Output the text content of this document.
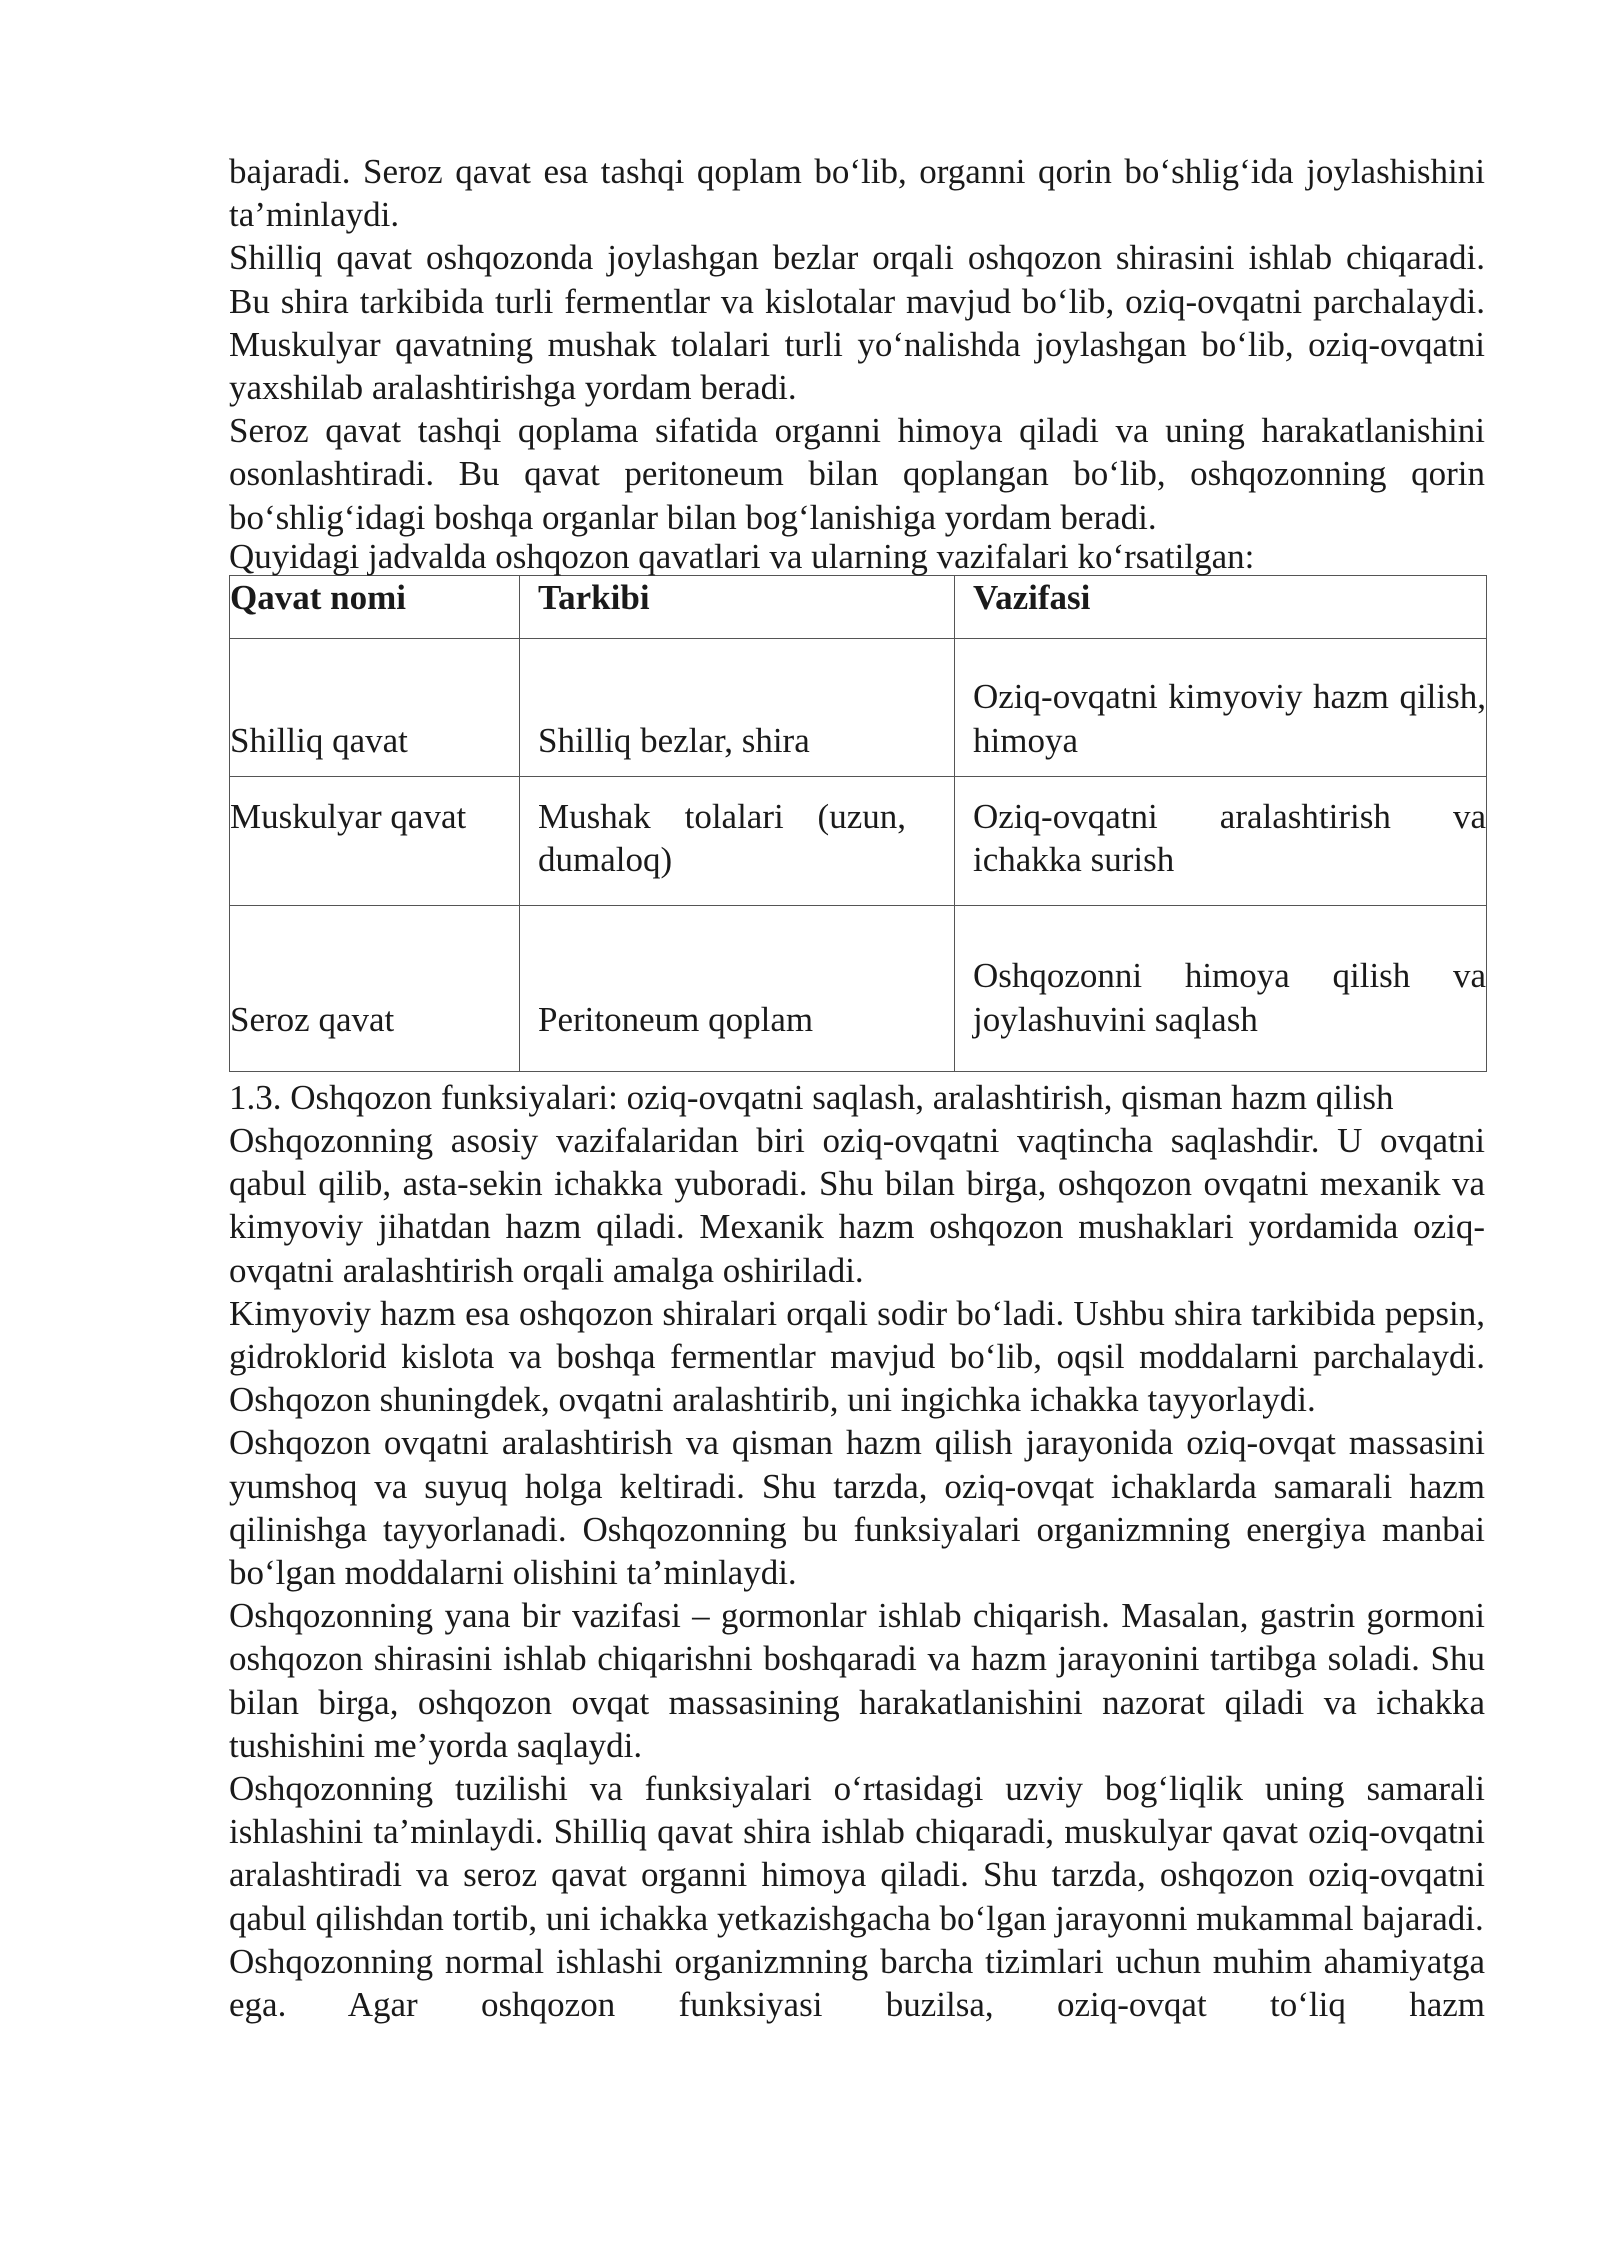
bajaradi. Seroz qavat esa tashqi qoplam bo‘lib, organni qorin bo‘shlig‘ida joylashishini ta’minlaydi.

Shilliq qavat oshqozonda joylashgan bezlar orqali oshqozon shirasini ishlab chiqaradi. Bu shira tarkibida turli fermentlar va kislotalar mavjud bo‘lib, oziq-ovqatni parchalaydi. Muskulyar qavatning mushak tolalari turli yo‘nalishda joylashgan bo‘lib, oziq-ovqatni yaxshilab aralashtirishga yordam beradi.

Seroz qavat tashqi qoplama sifatida organni himoya qiladi va uning harakatlanishini osonlashtiradi. Bu qavat peritoneum bilan qoplangan bo‘lib, oshqozonning qorin bo‘shlig‘idagi boshqa organlar bilan bog‘lanishiga yordam beradi.

Quyidagi jadvalda oshqozon qavatlari va ularning vazifalari ko‘rsatilgan:

Qavat nomi	Tarkibi	Vazifasi
Shilliq qavat	Shilliq bezlar, shira	Oziq-ovqatni kimyoviy hazm qilish, himoya
Muskulyar qavat	Mushak tolalari (uzun, dumaloq)	Oziq-ovqatni aralashtirish va ichakka surish
Seroz qavat	Peritoneum qoplam	Oshqozonni himoya qilish va joylashuvini saqlash

1.3. Oshqozon funksiyalari: oziq-ovqatni saqlash, aralashtirish, qisman hazm qilish

Oshqozonning asosiy vazifalaridan biri oziq-ovqatni vaqtincha saqlashdir. U ovqatni qabul qilib, asta-sekin ichakka yuboradi. Shu bilan birga, oshqozon ovqatni mexanik va kimyoviy jihatdan hazm qiladi. Mexanik hazm oshqozon mushaklari yordamida oziq-ovqatni aralashtirish orqali amalga oshiriladi.

Kimyoviy hazm esa oshqozon shiralari orqali sodir bo‘ladi. Ushbu shira tarkibida pepsin, gidroklorid kislota va boshqa fermentlar mavjud bo‘lib, oqsil moddalarni parchalaydi. Oshqozon shuningdek, ovqatni aralashtirib, uni ingichka ichakka tayyorlaydi.

Oshqozon ovqatni aralashtirish va qisman hazm qilish jarayonida oziq-ovqat massasini yumshoq va suyuq holga keltiradi. Shu tarzda, oziq-ovqat ichaklarda samarali hazm qilinishga tayyorlanadi. Oshqozonning bu funksiyalari organizmning energiya manbai bo‘lgan moddalarni olishini ta’minlaydi.

Oshqozonning yana bir vazifasi – gormonlar ishlab chiqarish. Masalan, gastrin gormoni oshqozon shirasini ishlab chiqarishni boshqaradi va hazm jarayonini tartibga soladi. Shu bilan birga, oshqozon ovqat massasining harakatlanishini nazorat qiladi va ichakka tushishini me’yorda saqlaydi.

Oshqozonning tuzilishi va funksiyalari o‘rtasidagi uzviy bog‘liqlik uning samarali ishlashini ta’minlaydi. Shilliq qavat shira ishlab chiqaradi, muskulyar qavat oziq-ovqatni aralashtiradi va seroz qavat organni himoya qiladi. Shu tarzda, oshqozon oziq-ovqatni qabul qilishdan tortib, uni ichakka yetkazishgacha bo‘lgan jarayonni mukammal bajaradi.

Oshqozonning normal ishlashi organizmning barcha tizimlari uchun muhim ahamiyatga ega. Agar oshqozon funksiyasi buzilsa, oziq-ovqat to‘liq hazm
